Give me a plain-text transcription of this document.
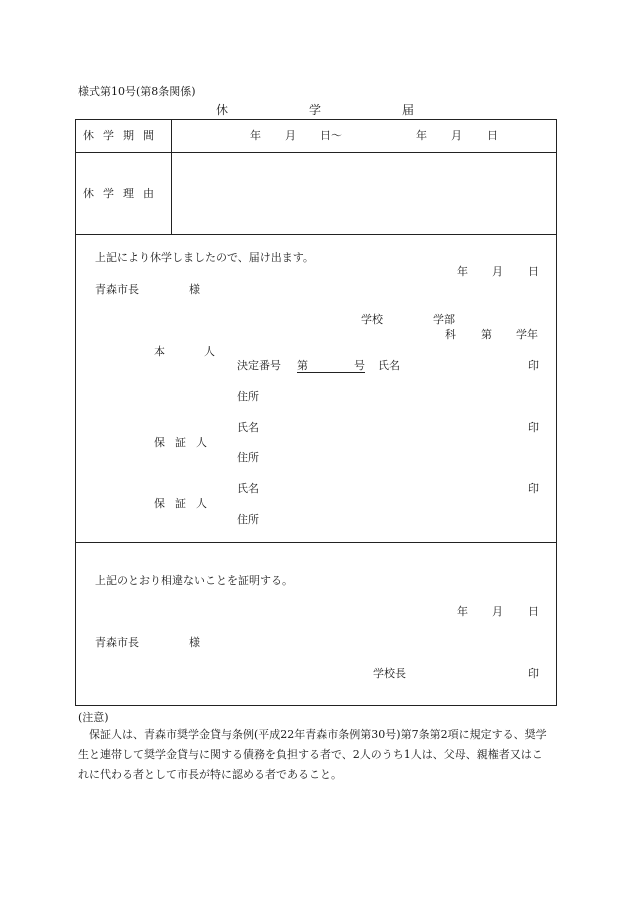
様式第10号(第8条関係)
休	学	届
休学期間	年 月 日〜	年 月 日
休学理由
上記により休学しましたので、届け出ます。
年 月 日
青森市長	様
学校	学部
科 第 学年
本　人
決定番号 第	号 氏名	印
住所
氏名	印
保証人
住所
氏名	印
保証人
住所
上記のとおり相違ないことを証明する。
年 月 日
青森市長	様
学校長	印
(注意)
保証人は、青森市奨学金貸与条例(平成22年青森市条例第30号)第7条第2項に規定する、奨学生と連帯して奨学金貸与に関する債務を負担する者で、2人のうち1人は、父母、親権者又はこれに代わる者として市長が特に認める者であること。
